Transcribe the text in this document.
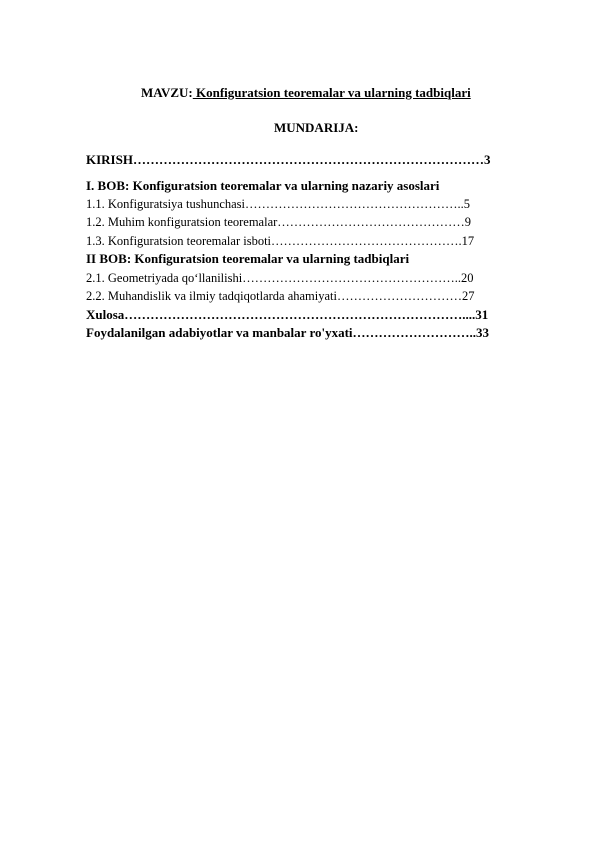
MAVZU: Konfiguratsion teoremalar va ularning tadbiqlari
MUNDARIJA:
KIRISH………………………………………………………………………3
I. BOB: Konfiguratsion teoremalar va ularning nazariy asoslari
1.1. Konfiguratsiya tushunchasi……………………………………………..5
1.2. Muhim konfiguratsion teoremalar………………………………………9
1.3. Konfiguratsion teoremalar isboti……………………………………….17
II BOB: Konfiguratsion teoremalar va ularning tadbiqlari
2.1. Geometriyada qo‘llanilishi……………………………………………..20
2.2. Muhandislik va ilmiy tadqiqotlarda ahamiyati…………………………27
Xulosa……………………………………………………………………....31
Foydalanilgan adabiyotlar va manbalar ro'yxati………………………..33
